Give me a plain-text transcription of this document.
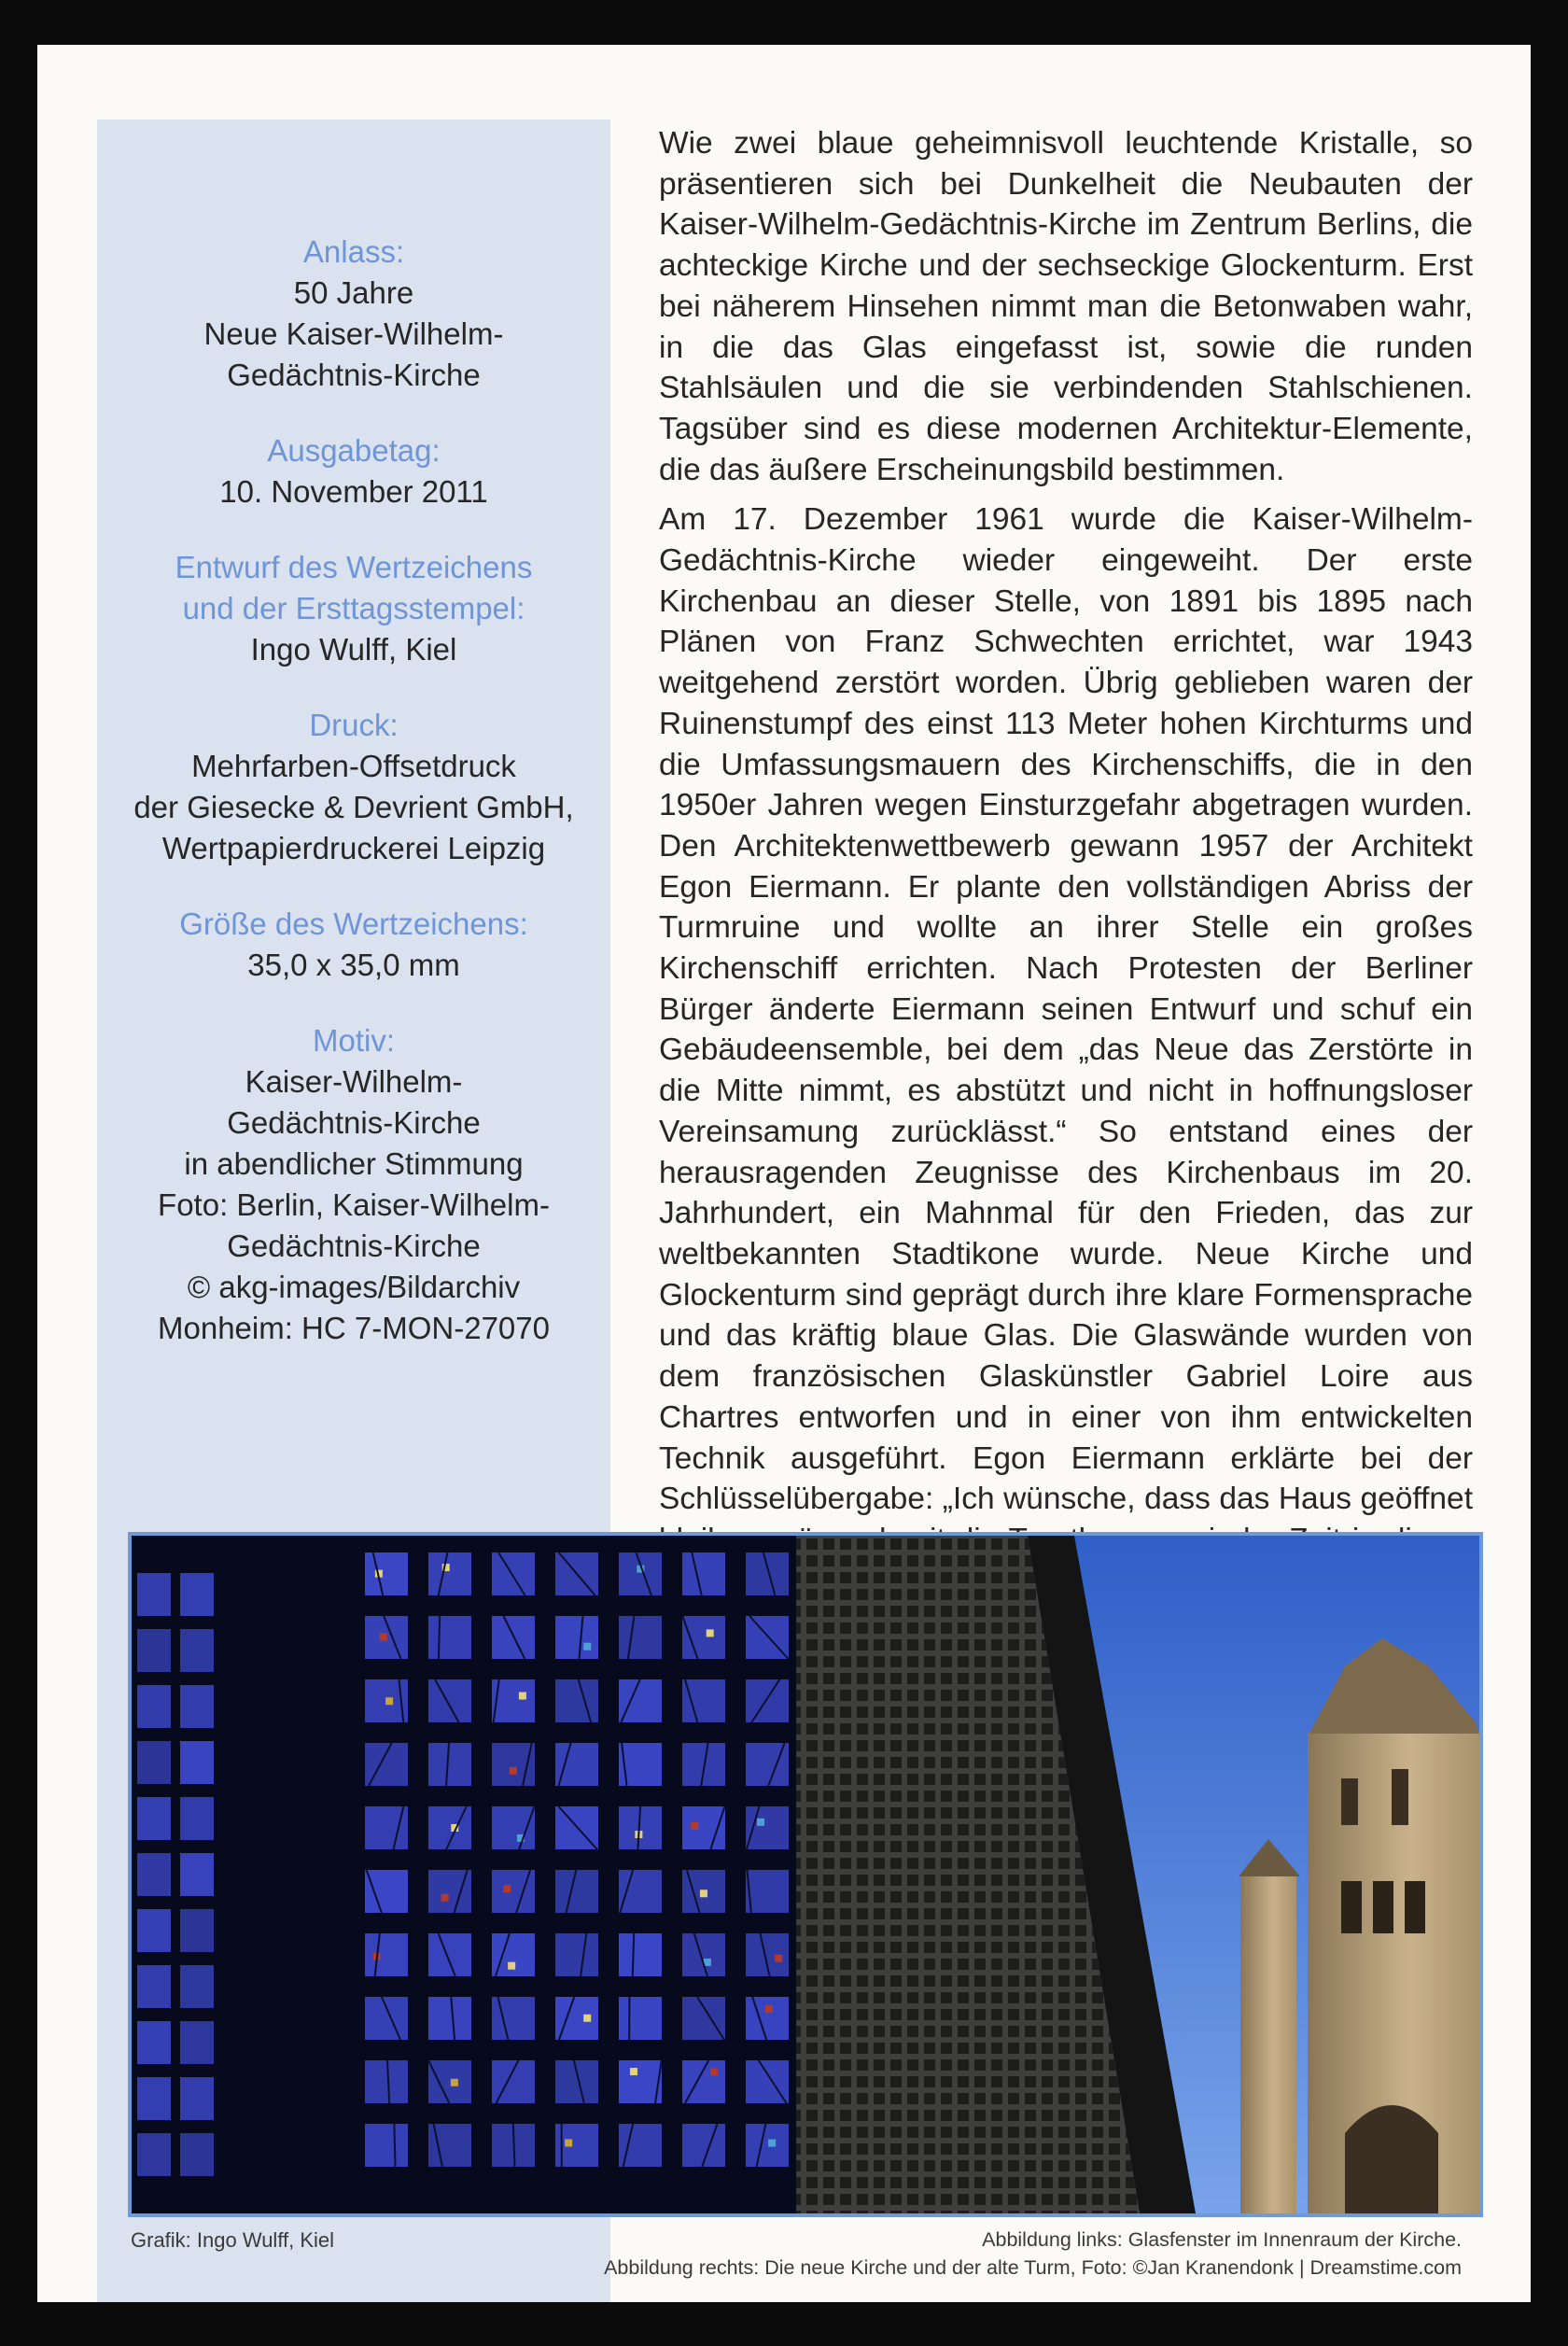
Anlass:
50 Jahre
Neue Kaiser-Wilhelm-
Gedächtnis-Kirche
Ausgabetag:
10. November 2011
Entwurf des Wertzeichens
und der Ersttagsstempel:
Ingo Wulff, Kiel
Druck:
Mehrfarben-Offsetdruck
der Giesecke & Devrient GmbH,
Wertpapierdruckerei Leipzig
Größe des Wertzeichens:
35,0 x 35,0 mm
Motiv:
Kaiser-Wilhelm-
Gedächtnis-Kirche
in abendlicher Stimmung
Foto: Berlin, Kaiser-Wilhelm-
Gedächtnis-Kirche
© akg-images/Bildarchiv
Monheim: HC 7-MON-27070

Wie zwei blaue geheimnisvoll leuchtende Kristalle, so präsentieren sich bei Dunkelheit die Neubauten der Kaiser-Wilhelm-Gedächtnis-Kirche im Zentrum Berlins, die achteckige Kirche und der sechseckige Glockenturm. Erst bei näherem Hinsehen nimmt man die Betonwaben wahr, in die das Glas eingefasst ist, sowie die runden Stahlsäulen und die sie verbindenden Stahlschienen. Tagsüber sind es diese modernen Architektur-Elemente, die das äußere Erscheinungsbild bestimmen.

Am 17. Dezember 1961 wurde die Kaiser-Wilhelm-Gedächtnis-Kirche wieder eingeweiht. Der erste Kirchenbau an dieser Stelle, von 1891 bis 1895 nach Plänen von Franz Schwechten errichtet, war 1943 weitgehend zerstört worden. Übrig geblieben waren der Ruinenstumpf des einst 113 Meter hohen Kirchturms und die Umfassungsmauern des Kirchenschiffs, die in den 1950er Jahren wegen Einsturzgefahr abgetragen wurden. Den Architektenwettbewerb gewann 1957 der Architekt Egon Eiermann. Er plante den vollständigen Abriss der Turmruine und wollte an ihrer Stelle ein großes Kirchenschiff errichten. Nach Protesten der Berliner Bürger änderte Eiermann seinen Entwurf und schuf ein Gebäudeensemble, bei dem „das Neue das Zerstörte in die Mitte nimmt, es abstützt und nicht in hoffnungsloser Vereinsamung zurücklässt.“ So entstand eines der herausragenden Zeugnisse des Kirchenbaus im 20. Jahrhundert, ein Mahnmal für den Frieden, das zur weltbekannten Stadtikone wurde. Neue Kirche und Glockenturm sind geprägt durch ihre klare Formensprache und das kräftig blaue Glas. Die Glaswände wurden von dem französischen Glaskünstler Gabriel Loire aus Chartres entworfen und in einer von ihm entwickelten Technik ausgeführt. Egon Eiermann erklärte bei der Schlüsselübergabe: „Ich wünsche, dass das Haus geöffnet

Grafik: Ingo Wulff, Kiel	Abbildung links: Glasfenster im Innenraum der Kirche.
Abbildung rechts: Die neue Kirche und der alte Turm, Foto: ©Jan Kranendonk | Dreamstime.com
